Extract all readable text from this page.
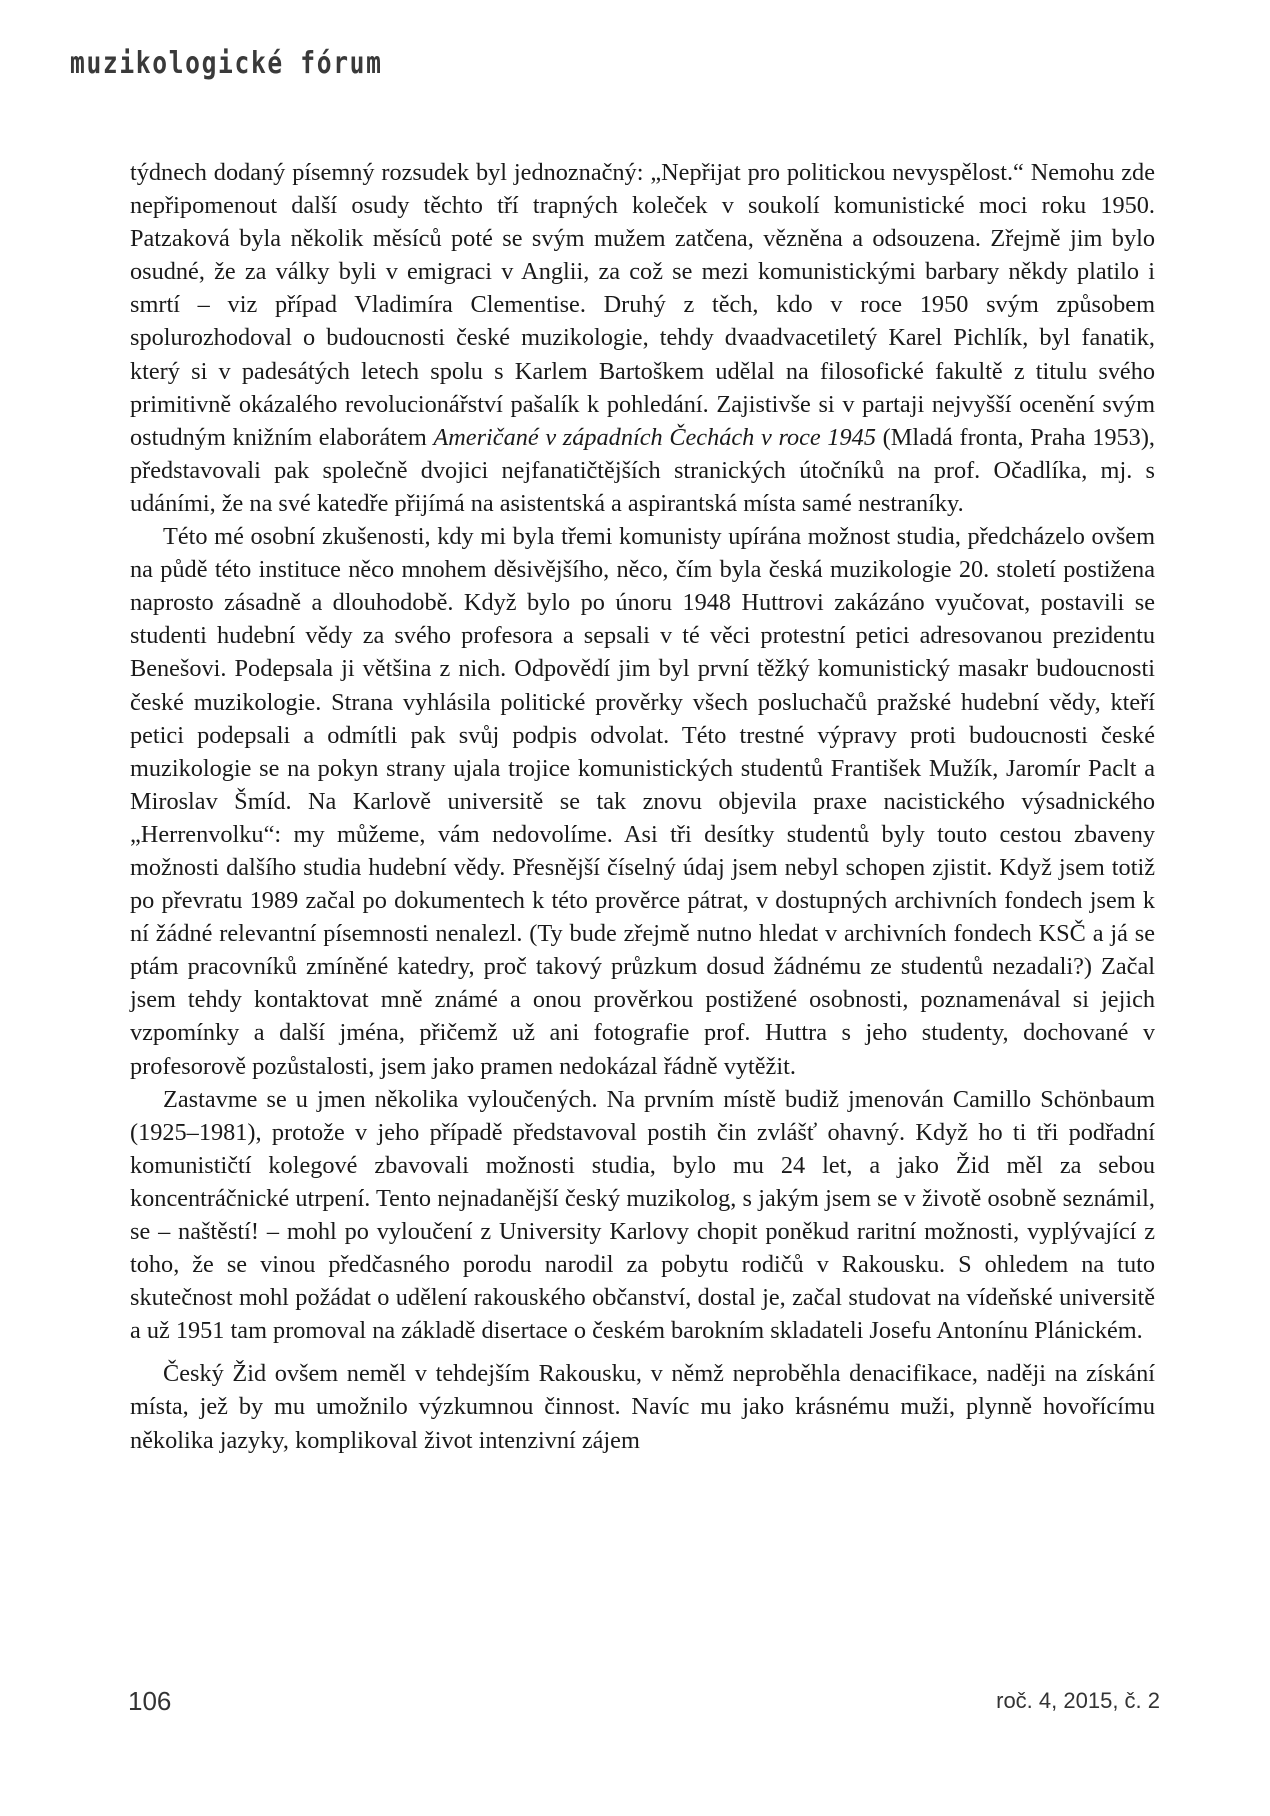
muzikologické fórum

týdnech dodaný písemný rozsudek byl jednoznačný: „Nepřijat pro politickou nevyspělost.“ Nemohu zde nepřipomenout další osudy těchto tří trapných koleček v soukolí komunistické moci roku 1950. Patzaková byla několik měsíců poté se svým mužem zatčena, vězněna a odsouzena. Zřejmě jim bylo osudné, že za války byli v emigraci v Anglii, za což se mezi komunistickými barbary někdy platilo i smrtí – viz případ Vladimíra Clementise. Druhý z těch, kdo v roce 1950 svým způsobem spolurozhodoval o budoucnosti české muzikologie, tehdy dvaadvacetiletý Karel Pichlík, byl fanatik, který si v padesátých letech spolu s Karlem Bartoškem udělal na filosofické fakultě z titulu svého primitivně okázalého revolucionářství pašalík k pohledání. Zajistivše si v partaji nejvyšší ocenění svým ostudným knižním elaborátem Američané v západních Čechách v roce 1945 (Mladá fronta, Praha 1953), představovali pak společně dvojici nejfanatičtějších stranických útočníků na prof. Očadlíka, mj. s udáními, že na své katedře přijímá na asistentská a aspirantská místa samé nestraníky.

Této mé osobní zkušenosti, kdy mi byla třemi komunisty upírána možnost studia, předcházelo ovšem na půdě této instituce něco mnohem děsivějšího, něco, čím byla česká muzikologie 20. století postižena naprosto zásadně a dlouhodobě. Když bylo po únoru 1948 Huttrovi zakázáno vyučovat, postavili se studenti hudební vědy za svého profesora a sepsali v té věci protestní petici adresovanou prezidentu Benešovi. Podepsala ji většina z nich. Odpovědí jim byl první těžký komunistický masakr budoucnosti české muzikologie. Strana vyhlásila politické prověrky všech posluchačů pražské hudební vědy, kteří petici podepsali a odmítli pak svůj podpis odvolat. Této trestné výpravy proti budoucnosti české muzikologie se na pokyn strany ujala trojice komunistických studentů František Mužík, Jaromír Paclt a Miroslav Šmíd. Na Karlově universitě se tak znovu objevila praxe nacistického výsadnického „Herrenvolku“: my můžeme, vám nedovolíme. Asi tři desítky studentů byly touto cestou zbaveny možnosti dalšího studia hudební vědy. Přesnější číselný údaj jsem nebyl schopen zjistit. Když jsem totiž po převratu 1989 začal po dokumentech k této prověrce pátrat, v dostupných archivních fondech jsem k ní žádné relevantní písemnosti nenalezl. (Ty bude zřejmě nutno hledat v archivních fondech KSČ a já se ptám pracovníků zmíněné katedry, proč takový průzkum dosud žádnému ze studentů nezadali?) Začal jsem tehdy kontaktovat mně známé a onou prověrkou postižené osobnosti, poznamenával si jejich vzpomínky a další jména, přičemž už ani fotografie prof. Huttra s jeho studenty, dochované v profesorově pozůstalosti, jsem jako pramen nedokázal řádně vytěžit.

Zastavme se u jmen několika vyloučených. Na prvním místě budiž jmenován Camillo Schönbaum (1925–1981), protože v jeho případě představoval postih čin zvlášť ohavný. Když ho ti tři podřadní komunističtí kolegové zbavovali možnosti studia, bylo mu 24 let, a jako Žid měl za sebou koncentráčnické utrpení. Tento nejnadanější český muzikolog, s jakým jsem se v životě osobně seznámil, se – naštěstí! – mohl po vyloučení z University Karlovy chopit poněkud raritní možnosti, vyplývající z toho, že se vinou předčasného porodu narodil za pobytu rodičů v Rakousku. S ohledem na tuto skutečnost mohl požádat o udělení rakouského občanství, dostal je, začal studovat na vídeňské universitě a už 1951 tam promoval na základě disertace o českém barokním skladateli Josefu Antonínu Plánickém.

Český Žid ovšem neměl v tehdejším Rakousku, v němž neproběhla denacifikace, naději na získání místa, jež by mu umožnilo výzkumnou činnost. Navíc mu jako krásnému muži, plynně hovořícímu několika jazyky, komplikoval život intenzivní zájem

106	roč. 4, 2015, č. 2
